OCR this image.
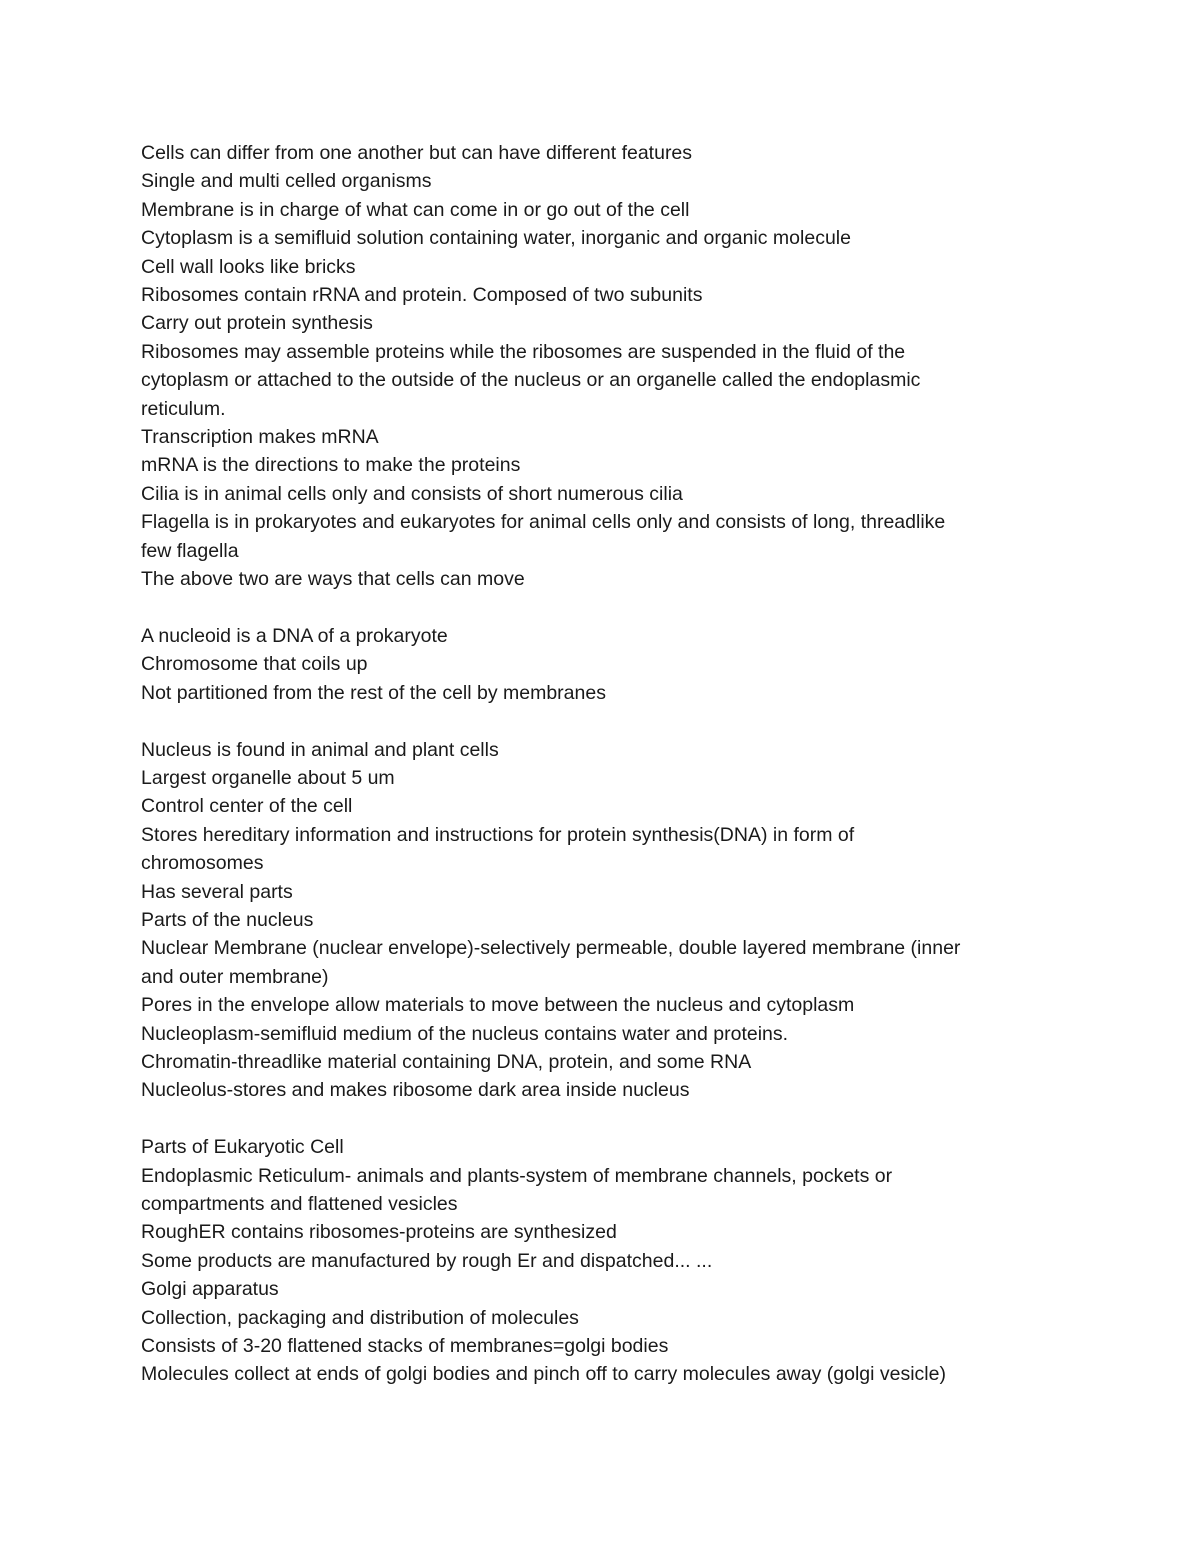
Cells can differ from one another but can have different features
Single and multi celled organisms
Membrane is in charge of what can come in or go out of the cell
Cytoplasm is a semifluid solution containing water, inorganic and organic molecule
Cell wall looks like bricks
Ribosomes contain rRNA and protein. Composed of two subunits
Carry out protein synthesis
Ribosomes may assemble proteins while the ribosomes are suspended in the fluid of the
cytoplasm or attached to the outside of the nucleus or an organelle called the endoplasmic
reticulum.
Transcription makes mRNA
mRNA is the directions to make the proteins
Cilia is in animal cells only and consists of short numerous cilia
Flagella is in prokaryotes and eukaryotes for animal cells only and consists of long, threadlike
few flagella
The above two are ways that cells can move
A nucleoid is a DNA of a prokaryote
Chromosome that coils up
Not partitioned from the rest of the cell by membranes
Nucleus is found in animal and plant cells
Largest organelle about 5 um
Control center of the cell
Stores hereditary information and instructions for protein synthesis(DNA) in form of
chromosomes
Has several parts
Parts of the nucleus
Nuclear Membrane (nuclear envelope)-selectively permeable, double layered membrane (inner
and outer membrane)
Pores in the envelope allow materials to move between the nucleus and cytoplasm
Nucleoplasm-semifluid medium of the nucleus contains water and proteins.
Chromatin-threadlike material containing DNA, protein, and some RNA
Nucleolus-stores and makes ribosome dark area inside nucleus
Parts of Eukaryotic Cell
Endoplasmic Reticulum- animals and plants-system of membrane channels, pockets or
compartments and flattened vesicles
RoughER contains ribosomes-proteins are synthesized
Some products are manufactured by rough Er and dispatched... ...
Golgi apparatus
Collection, packaging and distribution of molecules
Consists of 3-20 flattened stacks of membranes=golgi bodies
Molecules collect at ends of golgi bodies and pinch off to carry molecules away (golgi vesicle)
